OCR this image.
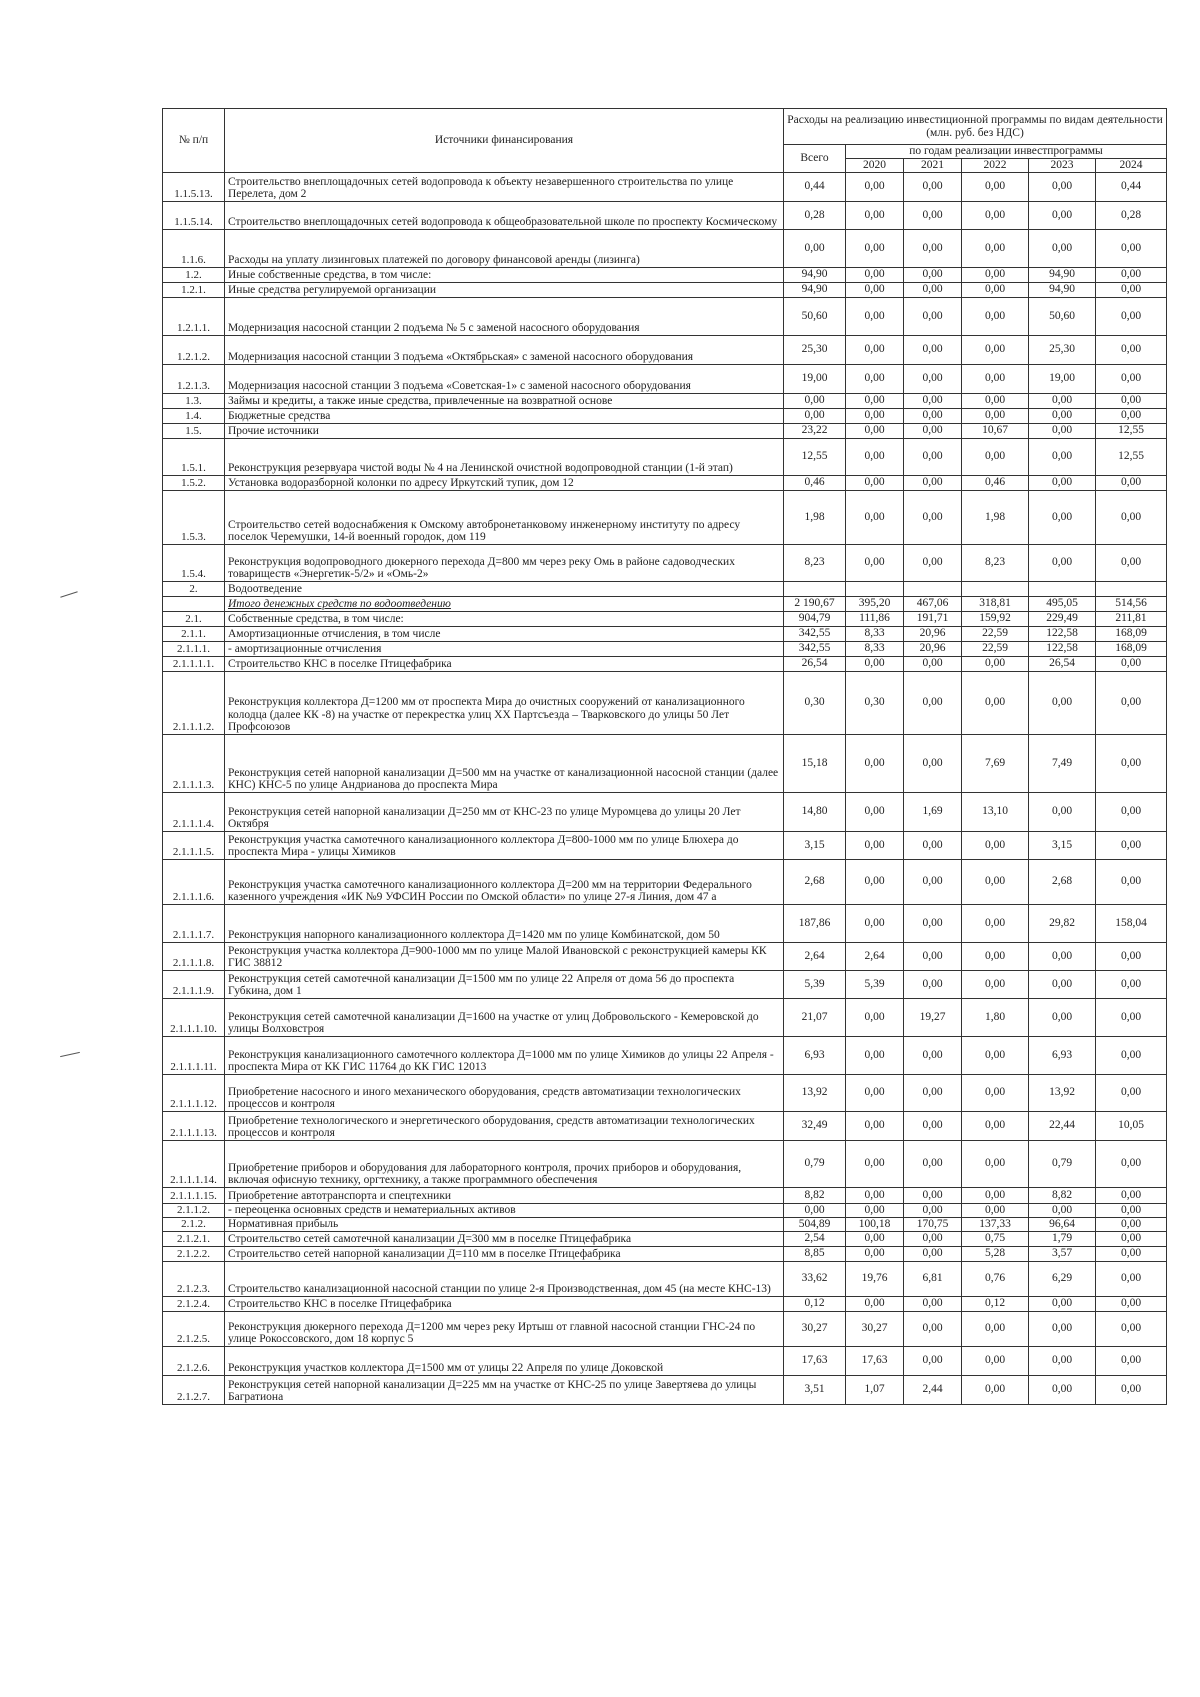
№ п/п	Источники финансирования	Расходы на реализацию инвестиционной программы по видам деятельности (млн. руб. без НДС)					
		Всего	по годам реализации инвестпрограммы				
			2020	2021	2022	2023	2024
1.1.5.13.	Строительство внеплощадочных сетей водопровода к объекту незавершенного строительства по улице Перелета, дом 2	0,44	0,00	0,00	0,00	0,00	0,44
1.1.5.14.	Строительство внеплощадочных сетей водопровода к общеобразовательной школе по проспекту Космическому	0,28	0,00	0,00	0,00	0,00	0,28
1.1.6.	Расходы на уплату лизинговых платежей по договору финансовой аренды (лизинга)	0,00	0,00	0,00	0,00	0,00	0,00
1.2.	Иные собственные средства, в том числе:	94,90	0,00	0,00	0,00	94,90	0,00
1.2.1.	Иные средства регулируемой организации	94,90	0,00	0,00	0,00	94,90	0,00
1.2.1.1.	Модернизация насосной станции 2 подъема № 5 с заменой насосного оборудования	50,60	0,00	0,00	0,00	50,60	0,00
1.2.1.2.	Модернизация насосной станции 3 подъема «Октябрьская» с заменой насосного оборудования	25,30	0,00	0,00	0,00	25,30	0,00
1.2.1.3.	Модернизация насосной станции 3 подъема «Советская-1» с заменой насосного оборудования	19,00	0,00	0,00	0,00	19,00	0,00
1.3.	Займы и кредиты, а также иные средства, привлеченные на возвратной основе	0,00	0,00	0,00	0,00	0,00	0,00
1.4.	Бюджетные средства	0,00	0,00	0,00	0,00	0,00	0,00
1.5.	Прочие источники	23,22	0,00	0,00	10,67	0,00	12,55
1.5.1.	Реконструкция резервуара чистой воды № 4 на Ленинской очистной водопроводной станции (1-й этап)	12,55	0,00	0,00	0,00	0,00	12,55
1.5.2.	Установка водоразборной колонки по адресу Иркутский тупик, дом 12	0,46	0,00	0,00	0,46	0,00	0,00
1.5.3.	Строительство сетей водоснабжения к Омскому автобронетанковому инженерному институту по адресу поселок Черемушки, 14-й военный городок, дом 119	1,98	0,00	0,00	1,98	0,00	0,00
1.5.4.	Реконструкция водопроводного дюкерного перехода Д=800 мм через реку Омь в районе садоводческих товариществ «Энергетик-5/2» и «Омь-2»	8,23	0,00	0,00	8,23	0,00	0,00
2.	Водоотведение						
	Итого денежных средств по водоотведению	2 190,67	395,20	467,06	318,81	495,05	514,56
2.1.	Собственные средства, в том числе:	904,79	111,86	191,71	159,92	229,49	211,81
2.1.1.	Амортизационные отчисления, в том числе	342,55	8,33	20,96	22,59	122,58	168,09
2.1.1.1.	- амортизационные отчисления	342,55	8,33	20,96	22,59	122,58	168,09
2.1.1.1.1.	Строительство КНС в поселке Птицефабрика	26,54	0,00	0,00	0,00	26,54	0,00
2.1.1.1.2.	Реконструкция коллектора Д=1200 мм от проспекта Мира до очистных сооружений от канализационного колодца (далее КК -8) на участке от перекрестка улиц XX Партсъезда – Тварковского до улицы 50 Лет Профсоюзов	0,30	0,30	0,00	0,00	0,00	0,00
2.1.1.1.3.	Реконструкция сетей напорной канализации Д=500 мм на участке от канализационной насосной станции (далее КНС) КНС-5 по улице Андрианова до проспекта Мира	15,18	0,00	0,00	7,69	7,49	0,00
2.1.1.1.4.	Реконструкция сетей напорной канализации Д=250 мм от КНС-23 по улице Муромцева до улицы 20 Лет Октября	14,80	0,00	1,69	13,10	0,00	0,00
2.1.1.1.5.	Реконструкция участка самотечного канализационного коллектора Д=800-1000 мм по улице Блюхера до проспекта Мира - улицы Химиков	3,15	0,00	0,00	0,00	3,15	0,00
2.1.1.1.6.	Реконструкция участка самотечного канализационного коллектора Д=200 мм на территории Федерального казенного учреждения «ИК №9 УФСИН России по Омской области» по улице 27-я Линия, дом 47 а	2,68	0,00	0,00	0,00	2,68	0,00
2.1.1.1.7.	Реконструкция напорного канализационного коллектора Д=1420 мм по улице Комбинатской, дом 50	187,86	0,00	0,00	0,00	29,82	158,04
2.1.1.1.8.	Реконструкция участка коллектора Д=900-1000 мм по улице Малой Ивановской с реконструкцией камеры КК ГИС 38812	2,64	2,64	0,00	0,00	0,00	0,00
2.1.1.1.9.	Реконструкция сетей самотечной канализации Д=1500 мм по улице 22 Апреля от дома 56 до проспекта Губкина, дом 1	5,39	5,39	0,00	0,00	0,00	0,00
2.1.1.1.10.	Реконструкция сетей самотечной канализации Д=1600 на участке от улиц Добровольского - Кемеровской до улицы Волховстроя	21,07	0,00	19,27	1,80	0,00	0,00
2.1.1.1.11.	Реконструкция канализационного самотечного коллектора Д=1000 мм по улице Химиков до улицы 22 Апреля - проспекта Мира от КК ГИС 11764 до КК ГИС 12013	6,93	0,00	0,00	0,00	6,93	0,00
2.1.1.1.12.	Приобретение насосного и иного механического оборудования, средств автоматизации технологических процессов и контроля	13,92	0,00	0,00	0,00	13,92	0,00
2.1.1.1.13.	Приобретение технологического и энергетического оборудования, средств автоматизации технологических процессов и контроля	32,49	0,00	0,00	0,00	22,44	10,05
2.1.1.1.14.	Приобретение приборов и оборудования для лабораторного контроля, прочих приборов и оборудования, включая офисную технику, оргтехнику, а также программного обеспечения	0,79	0,00	0,00	0,00	0,79	0,00
2.1.1.1.15.	Приобретение автотранспорта и спецтехники	8,82	0,00	0,00	0,00	8,82	0,00
2.1.1.2.	- переоценка основных средств и нематериальных активов	0,00	0,00	0,00	0,00	0,00	0,00
2.1.2.	Нормативная прибыль	504,89	100,18	170,75	137,33	96,64	0,00
2.1.2.1.	Строительство сетей самотечной канализации Д=300 мм в поселке Птицефабрика	2,54	0,00	0,00	0,75	1,79	0,00
2.1.2.2.	Строительство сетей напорной канализации Д=110 мм в поселке Птицефабрика	8,85	0,00	0,00	5,28	3,57	0,00
2.1.2.3.	Строительство канализационной насосной станции по улице 2-я Производственная, дом 45 (на месте КНС-13)	33,62	19,76	6,81	0,76	6,29	0,00
2.1.2.4.	Строительство КНС в поселке Птицефабрика	0,12	0,00	0,00	0,12	0,00	0,00
2.1.2.5.	Реконструкция дюкерного перехода Д=1200 мм через реку Иртыш от главной насосной станции ГНС-24 по улице Рокоссовского, дом 18 корпус 5	30,27	30,27	0,00	0,00	0,00	0,00
2.1.2.6.	Реконструкция участков коллектора Д=1500 мм от улицы 22 Апреля по улице Доковской	17,63	17,63	0,00	0,00	0,00	0,00
2.1.2.7.	Реконструкция сетей напорной канализации Д=225 мм на участке от КНС-25 по улице Завертяева до улицы Багратиона	3,51	1,07	2,44	0,00	0,00	0,00
